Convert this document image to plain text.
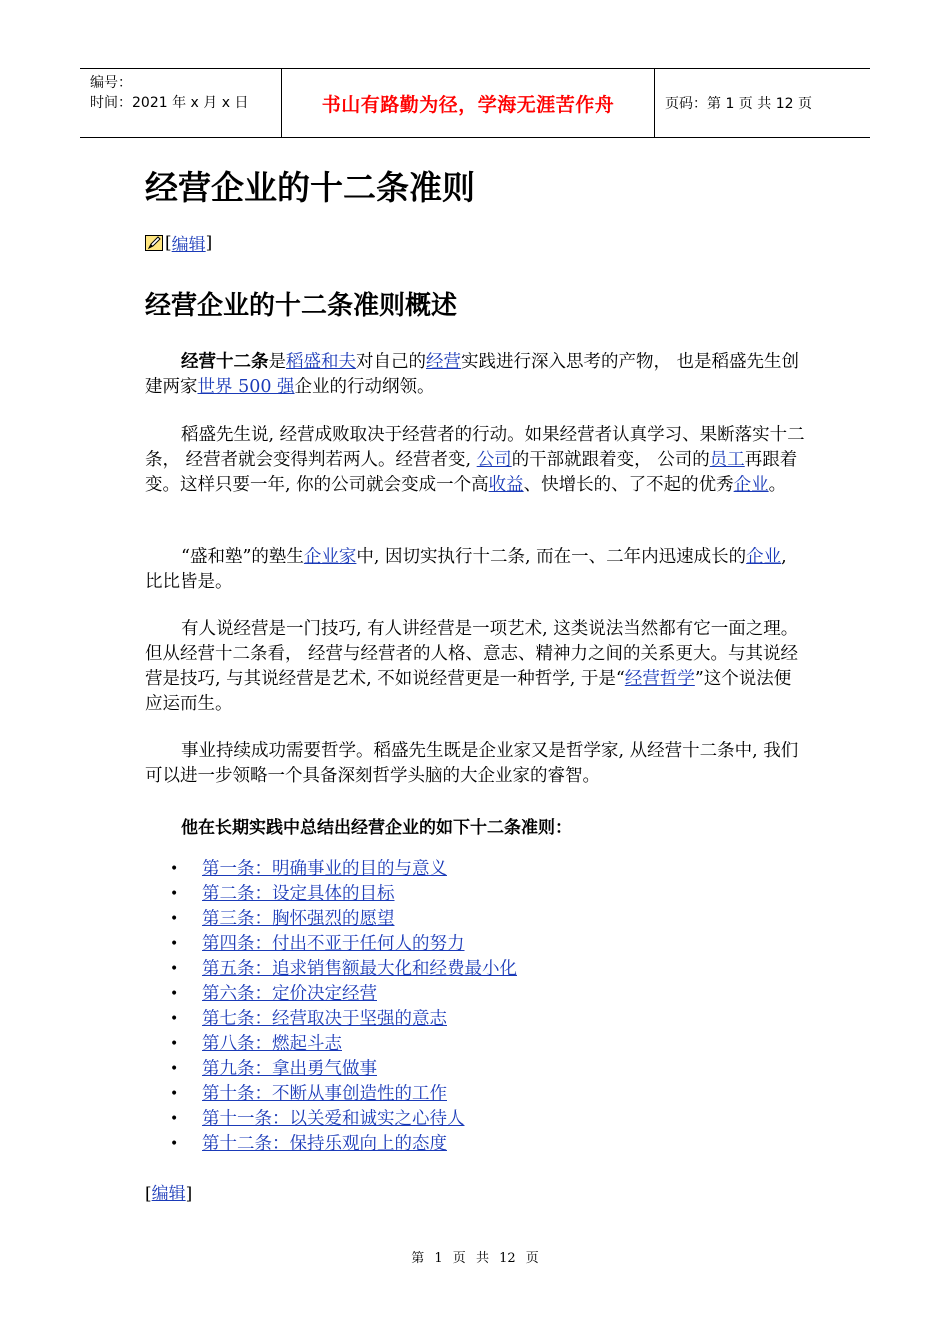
编号：
时间：2021 年 x 月 x 日	书山有路勤为径，学海无涯苦作舟	页码：第 1 页 共 12 页
经营企业的十二条准则
[ 编辑 ]
经营企业的十二条准则概述

经营十二条是稻盛和夫对自己的经营实践进行深入思考的产物， 也是稻盛先生创建两家世界 500 强企业的行动纲领。

稻盛先生说, 经营成败取决于经营者的行动。如果经营者认真学习、果断落实十二条， 经营者就会变得判若两人。经营者变, 公司的干部就跟着变， 公司的员工再跟着变。这样只要一年, 你的公司就会变成一个高收益、快增长的、了不起的优秀企业。

“盛和塾”的塾生企业家中, 因切实执行十二条, 而在一、二年内迅速成长的企业, 比比皆是。

有人说经营是一门技巧, 有人讲经营是一项艺术, 这类说法当然都有它一面之理。但从经营十二条看， 经营与经营者的人格、意志、精神力之间的关系更大。与其说经营是技巧, 与其说经营是艺术, 不如说经营更是一种哲学, 于是“经营哲学”这个说法便应运而生。

事业持续成功需要哲学。稻盛先生既是企业家又是哲学家, 从经营十二条中, 我们可以进一步领略一个具备深刻哲学头脑的大企业家的睿智。

他在长期实践中总结出经营企业的如下十二条准则：

• 第一条：明确事业的目的与意义
• 第二条：设定具体的目标
• 第三条：胸怀强烈的愿望
• 第四条：付出不亚于任何人的努力
• 第五条：追求销售额最大化和经费最小化
• 第六条：定价决定经营
• 第七条：经营取决于坚强的意志
• 第八条：燃起斗志
• 第九条：拿出勇气做事
• 第十条：不断从事创造性的工作
• 第十一条：以关爱和诚实之心待人
• 第十二条：保持乐观向上的态度
[编辑]
第 1 页 共 12 页
